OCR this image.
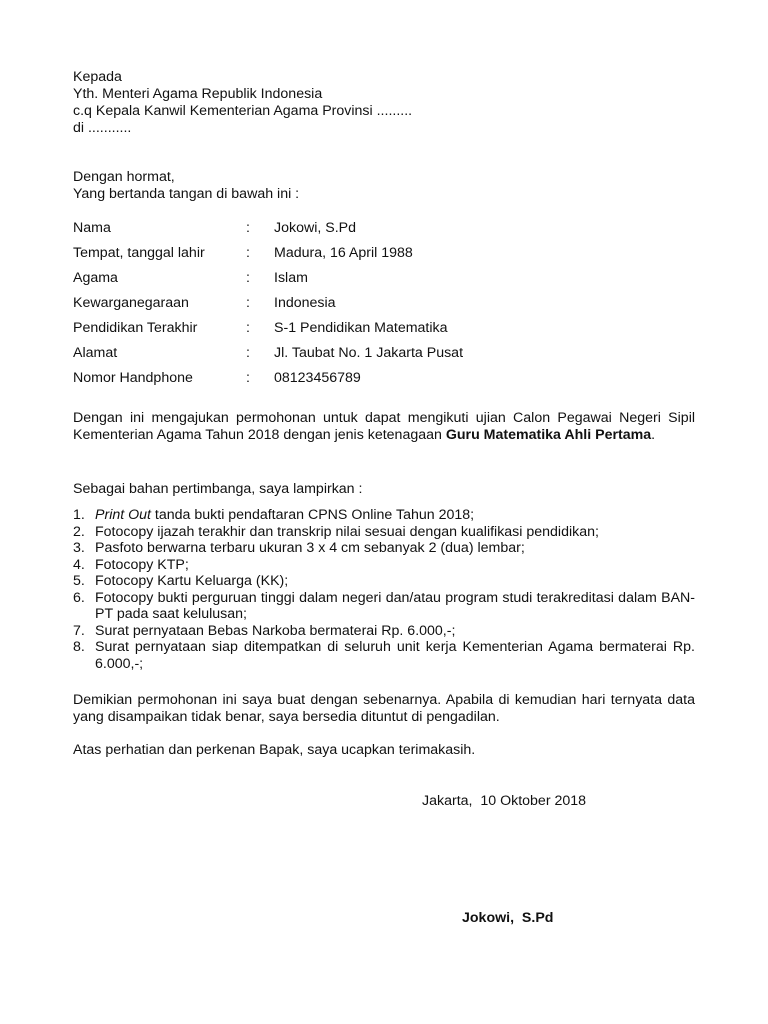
Kepada
Yth. Menteri Agama Republik Indonesia
c.q Kepala Kanwil Kementerian Agama Provinsi .........
di ...........
Dengan hormat,
Yang bertanda tangan di bawah ini :
Nama	: Jokowi, S.Pd
Tempat, tanggal lahir	: Madura, 16 April 1988
Agama	: Islam
Kewarganegaraan	: Indonesia
Pendidikan Terakhir	: S-1 Pendidikan Matematika
Alamat	: Jl. Taubat No. 1 Jakarta Pusat
Nomor Handphone	: 08123456789
Dengan ini mengajukan permohonan untuk dapat mengikuti ujian Calon Pegawai Negeri Sipil Kementerian Agama Tahun 2018 dengan jenis ketenagaan Guru Matematika Ahli Pertama.
Sebagai bahan pertimbanga, saya lampirkan :
1. Print Out tanda bukti pendaftaran CPNS Online Tahun 2018;
2. Fotocopy ijazah terakhir dan transkrip nilai sesuai dengan kualifikasi pendidikan;
3. Pasfoto berwarna terbaru ukuran 3 x 4 cm sebanyak 2 (dua) lembar;
4. Fotocopy KTP;
5. Fotocopy Kartu Keluarga (KK);
6. Fotocopy bukti perguruan tinggi dalam negeri dan/atau program studi terakreditasi dalam BAN-PT pada saat kelulusan;
7. Surat pernyataan Bebas Narkoba bermaterai Rp. 6.000,-;
8. Surat pernyataan siap ditempatkan di seluruh unit kerja Kementerian Agama bermaterai Rp. 6.000,-;
Demikian permohonan ini saya buat dengan sebenarnya. Apabila di kemudian hari ternyata data yang disampaikan tidak benar, saya bersedia dituntut di pengadilan.
Atas perhatian dan perkenan Bapak, saya ucapkan terimakasih.
Jakarta,  10 Oktober 2018
Jokowi,  S.Pd
